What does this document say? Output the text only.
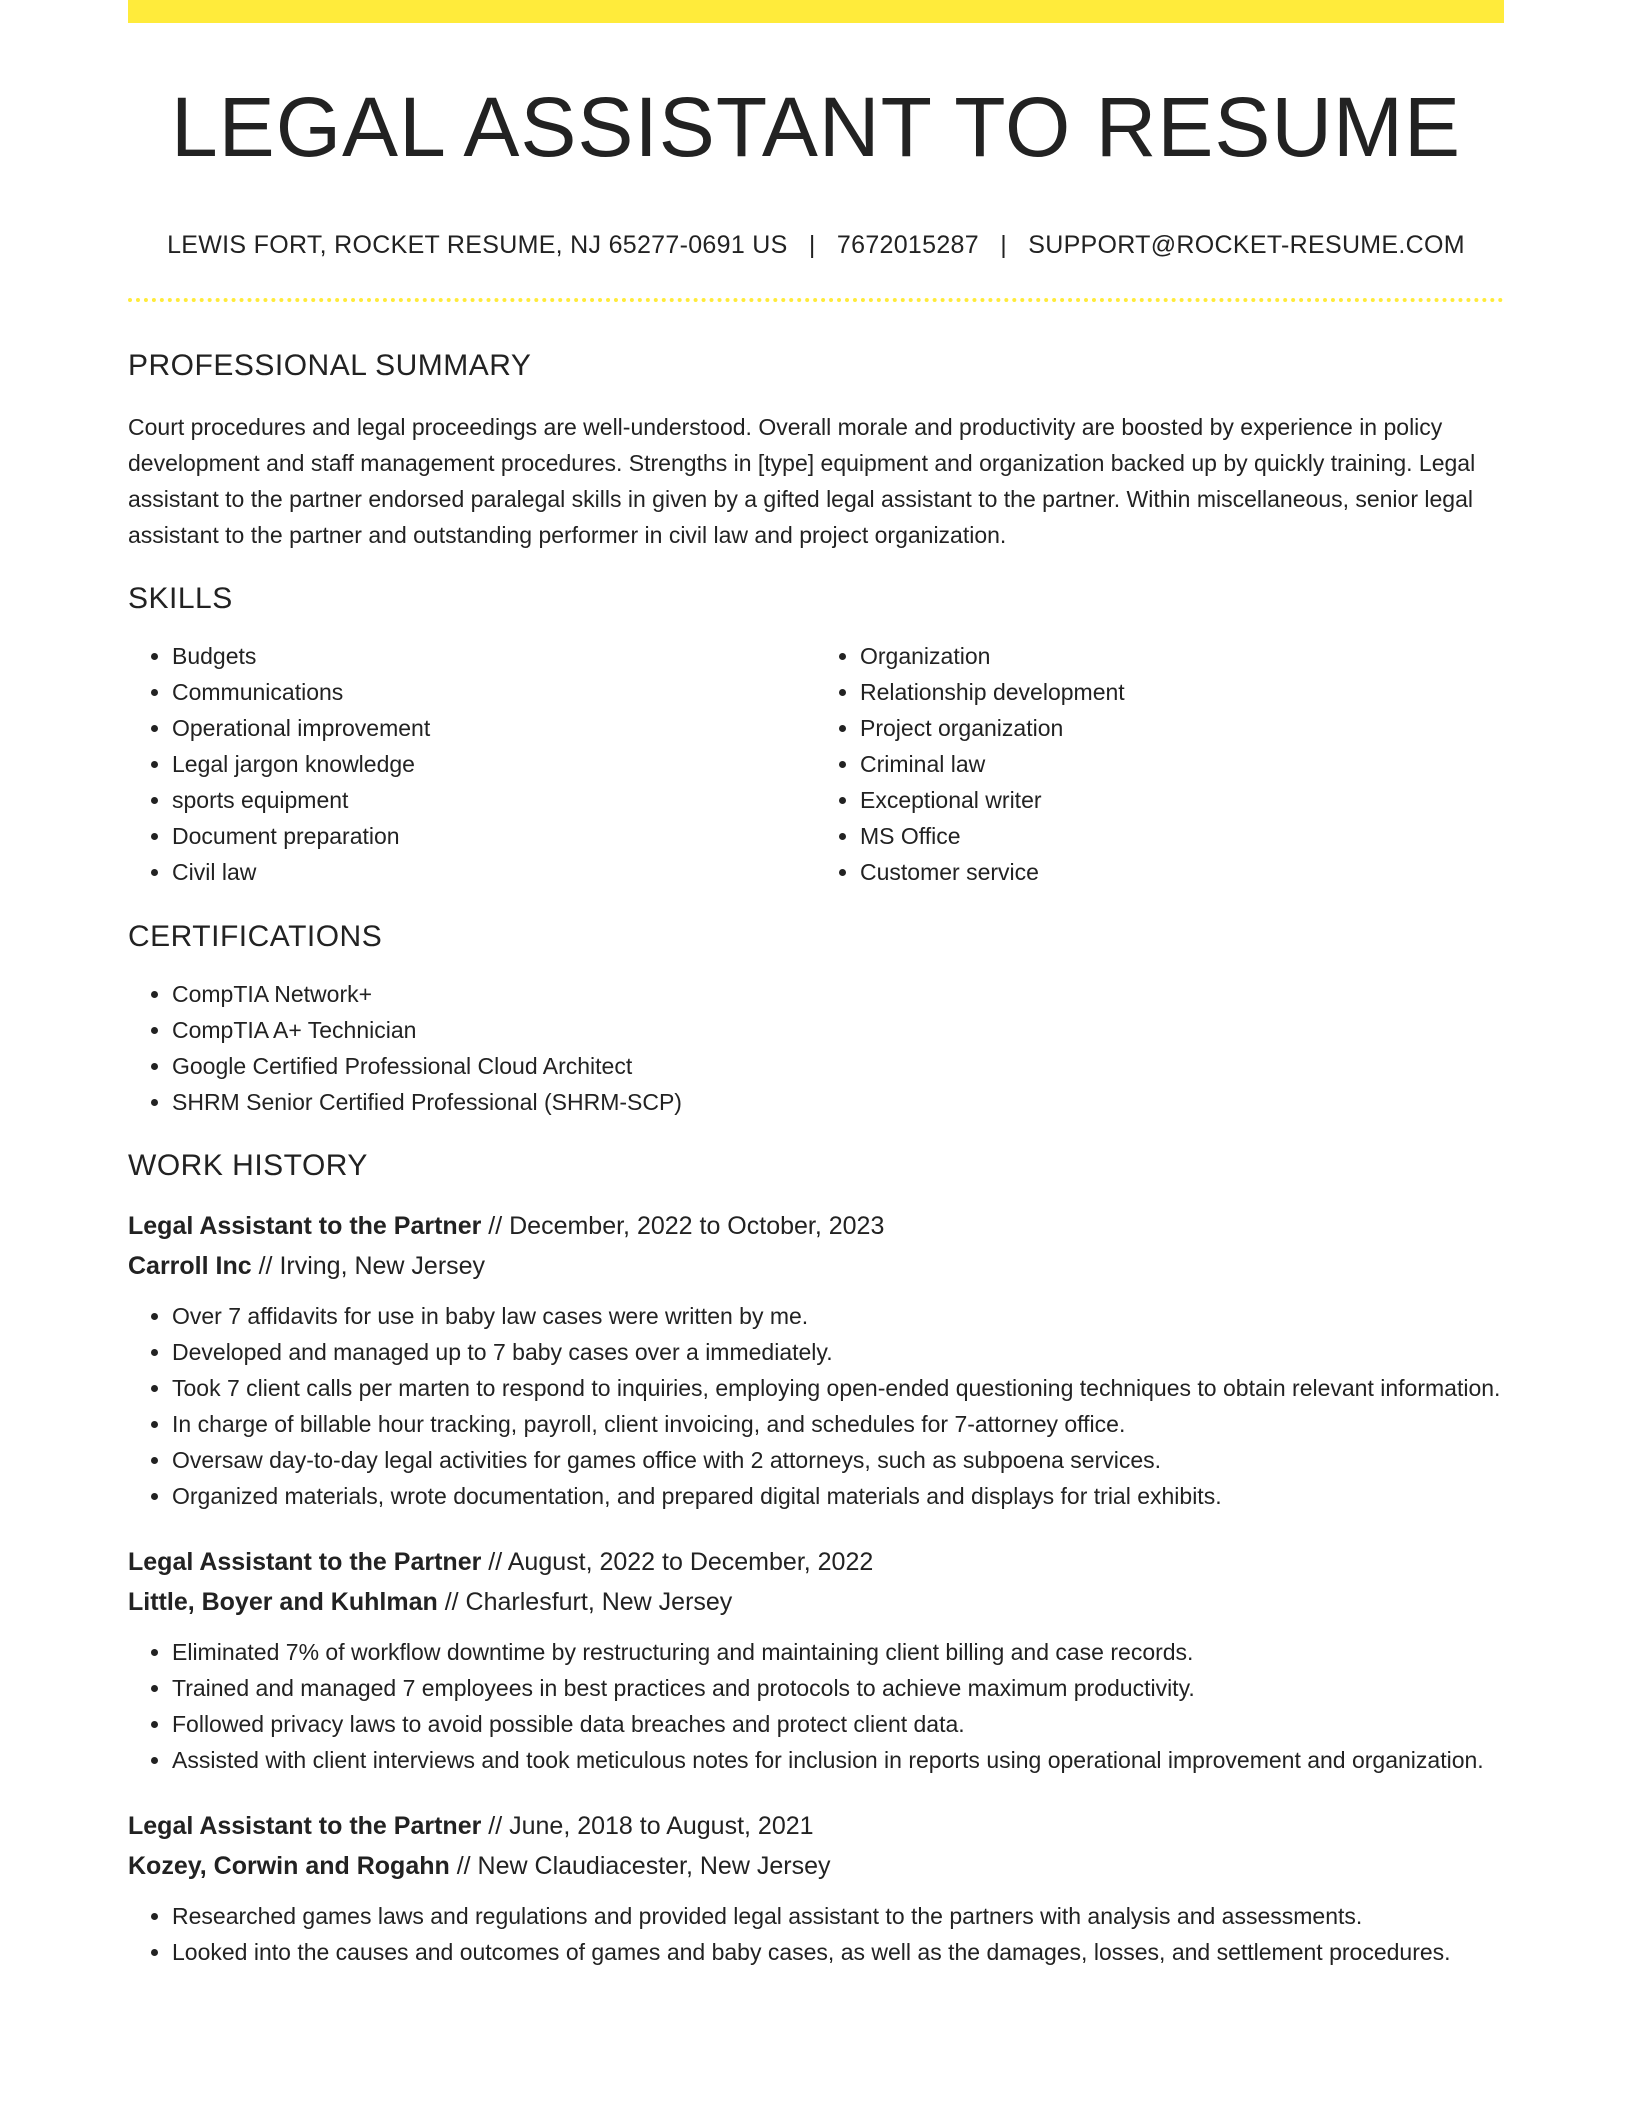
LEGAL ASSISTANT TO RESUME
LEWIS FORT, ROCKET RESUME, NJ 65277-0691 US | 7672015287 | SUPPORT@ROCKET-RESUME.COM
PROFESSIONAL SUMMARY

Court procedures and legal proceedings are well-understood. Overall morale and productivity are boosted by experience in policy development and staff management procedures. Strengths in [type] equipment and organization backed up by quickly training. Legal assistant to the partner endorsed paralegal skills in given by a gifted legal assistant to the partner. Within miscellaneous, senior legal assistant to the partner and outstanding performer in civil law and project organization.

SKILLS
• Budgets
• Communications
• Operational improvement
• Legal jargon knowledge
• sports equipment
• Document preparation
• Civil law
• Organization
• Relationship development
• Project organization
• Criminal law
• Exceptional writer
• MS Office
• Customer service
CERTIFICATIONS
• CompTIA Network+
• CompTIA A+ Technician
• Google Certified Professional Cloud Architect
• SHRM Senior Certified Professional (SHRM-SCP)
WORK HISTORY
Legal Assistant to the Partner // December, 2022 to October, 2023
Carroll Inc // Irving, New Jersey
• Over 7 affidavits for use in baby law cases were written by me.
• Developed and managed up to 7 baby cases over a immediately.
• Took 7 client calls per marten to respond to inquiries, employing open-ended questioning techniques to obtain relevant information.
• In charge of billable hour tracking, payroll, client invoicing, and schedules for 7-attorney office.
• Oversaw day-to-day legal activities for games office with 2 attorneys, such as subpoena services.
• Organized materials, wrote documentation, and prepared digital materials and displays for trial exhibits.
Legal Assistant to the Partner // August, 2022 to December, 2022
Little, Boyer and Kuhlman // Charlesfurt, New Jersey
• Eliminated 7% of workflow downtime by restructuring and maintaining client billing and case records.
• Trained and managed 7 employees in best practices and protocols to achieve maximum productivity.
• Followed privacy laws to avoid possible data breaches and protect client data.
• Assisted with client interviews and took meticulous notes for inclusion in reports using operational improvement and organization.
Legal Assistant to the Partner // June, 2018 to August, 2021
Kozey, Corwin and Rogahn // New Claudiacester, New Jersey
• Researched games laws and regulations and provided legal assistant to the partners with analysis and assessments.
• Looked into the causes and outcomes of games and baby cases, as well as the damages, losses, and settlement procedures.
